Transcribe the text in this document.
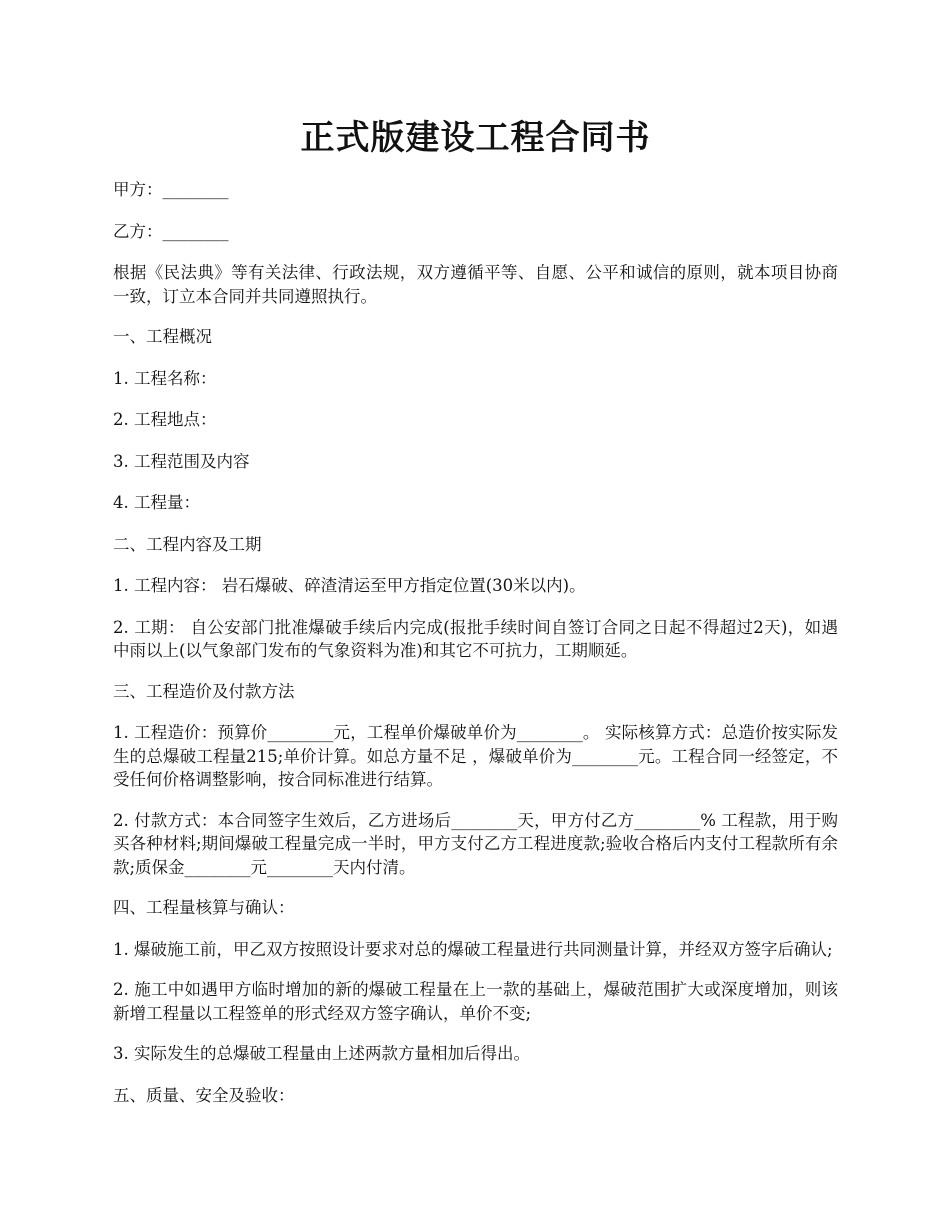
正式版建设工程合同书

甲方：________

乙方：________

根据《民法典》等有关法律、行政法规，双方遵循平等、自愿、公平和诚信的原则，就本项目协商一致，订立本合同并共同遵照执行。

一、工程概况

1. 工程名称：

2. 工程地点：

3. 工程范围及内容

4. 工程量：

二、工程内容及工期

1. 工程内容： 岩石爆破、碎渣清运至甲方指定位置(30米以内)。

2. 工期： 自公安部门批准爆破手续后内完成(报批手续时间自签订合同之日起不得超过2天)，如遇中雨以上(以气象部门发布的气象资料为准)和其它不可抗力，工期顺延。

三、工程造价及付款方法

1. 工程造价：预算价________元，工程单价爆破单价为________。 实际核算方式：总造价按实际发生的总爆破工程量215;单价计算。如总方量不足 ，爆破单价为________元。工程合同一经签定，不受任何价格调整影响，按合同标准进行结算。

2. 付款方式：本合同签字生效后，乙方进场后________天，甲方付乙方________% 工程款，用于购买各种材料;期间爆破工程量完成一半时，甲方支付乙方工程进度款;验收合格后内支付工程款所有余款;质保金________元________天内付清。

四、工程量核算与确认：

1. 爆破施工前，甲乙双方按照设计要求对总的爆破工程量进行共同测量计算，并经双方签字后确认;

2. 施工中如遇甲方临时增加的新的爆破工程量在上一款的基础上，爆破范围扩大或深度增加，则该新增工程量以工程签单的形式经双方签字确认，单价不变;

3. 实际发生的总爆破工程量由上述两款方量相加后得出。

五、质量、安全及验收：
